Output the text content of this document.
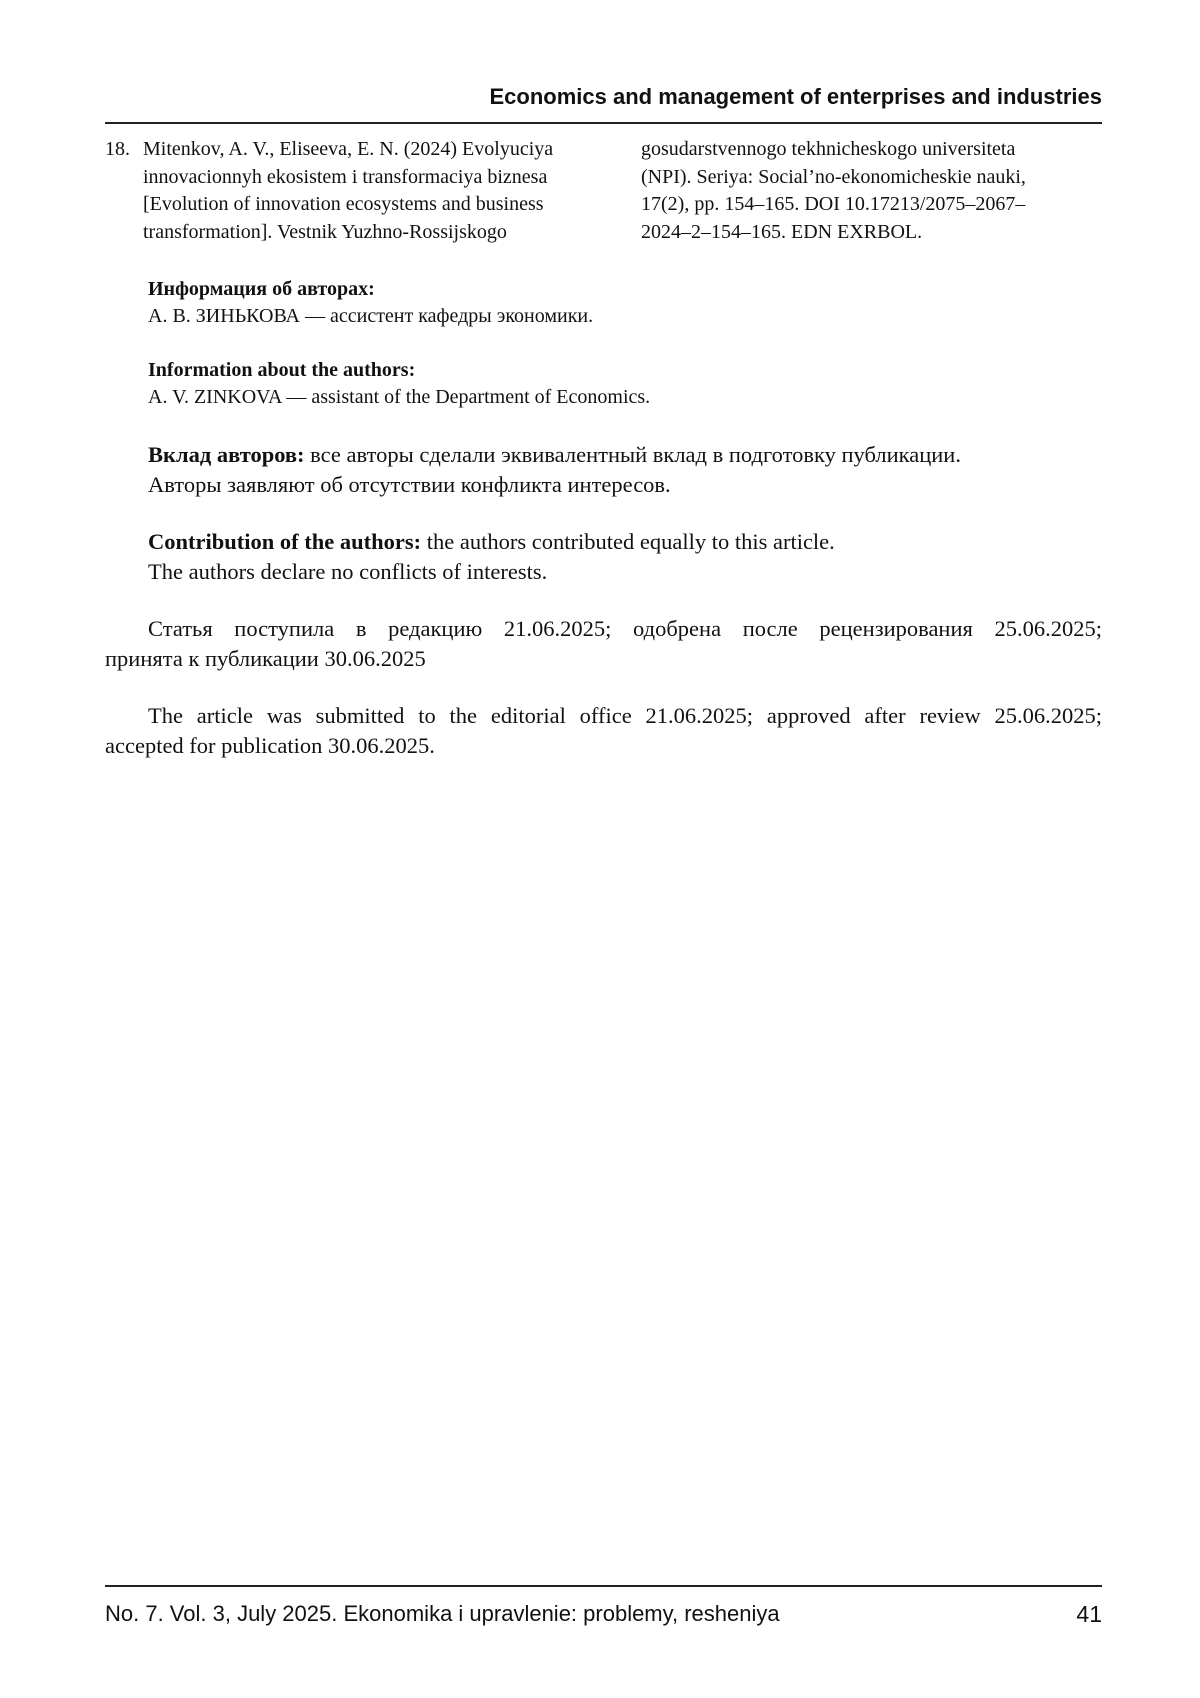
Economics and management of enterprises and industries
18. Mitenkov, A. V., Eliseeva, E. N. (2024) Evolyuciya
innovacionnyh ekosistem i transformaciya biznesa
[Evolution of innovation ecosystems and business
transformation]. Vestnik Yuzhno-Rossijskogo
gosudarstvennogo tekhnicheskogo universiteta
(NPI). Seriya: Social’no-ekonomicheskie nauki,
17(2), pp. 154–165. DOI 10.17213/2075–2067–
2024–2–154–165. EDN EXRBOL.
Информация об авторах:
А. В. ЗИНЬКОВА — ассистент кафедры экономики.
Information about the authors:
A. V. ZINKOVA — assistant of the Department of Economics.
Вклад авторов: все авторы сделали эквивалентный вклад в подготовку публикации.
Авторы заявляют об отсутствии конфликта интересов.
Contribution of the authors: the authors contributed equally to this article.
The authors declare no conflicts of interests.
Статья поступила в редакцию 21.06.2025; одобрена после рецензирования 25.06.2025;
принята к публикации 30.06.2025
The article was submitted to the editorial office 21.06.2025; approved after review 25.06.2025;
accepted for publication 30.06.2025.
No. 7. Vol. 3, July 2025. Ekonomika i upravlenie: problemy, resheniya	41
